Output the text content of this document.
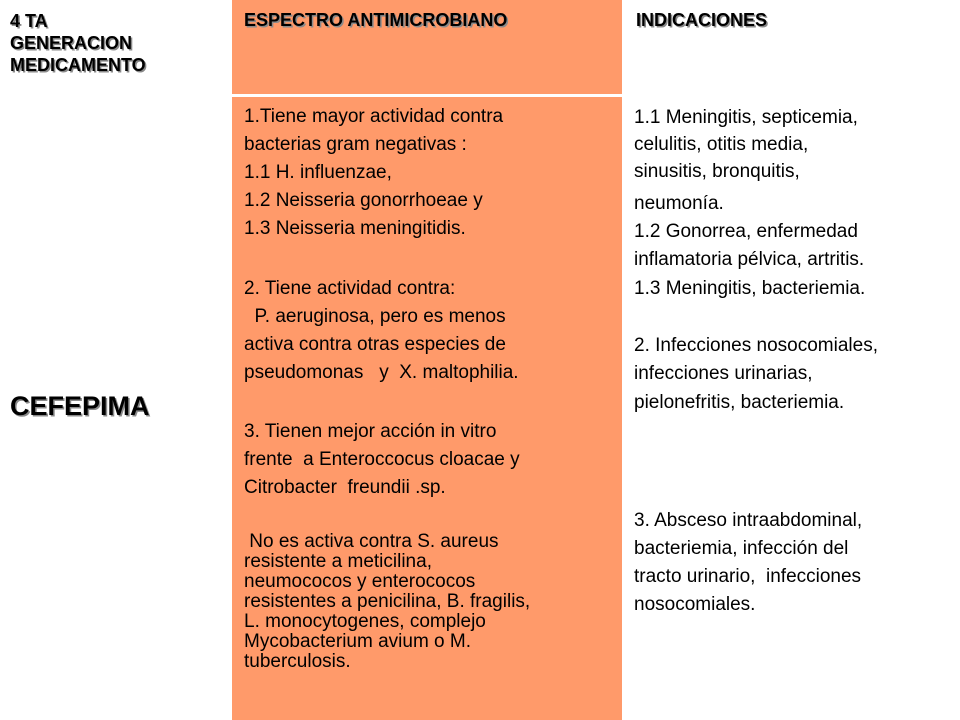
4 TA
GENERACION
MEDICAMENTO
CEFEPIMA
ESPECTRO ANTIMICROBIANO	INDICACIONES
1.Tiene mayor actividad contra
bacterias gram negativas :
1.1 H. influenzae,
1.2 Neisseria gonorrhoeae y
1.3 Neisseria meningitidis.
2. Tiene actividad contra:
P. aeruginosa, pero es menos
activa contra otras especies de
pseudomonas   y  X. maltophilia.
3. Tienen mejor acción in vitro
frente  a Enteroccocus cloacae y
Citrobacter  freundii .sp.
No es activa contra S. aureus
resistente a meticilina,
neumococos y enterococos
resistentes a penicilina, B. fragilis,
L. monocytogenes, complejo
Mycobacterium avium o M.
tuberculosis.
1.1 Meningitis, septicemia,
celulitis, otitis media,
sinusitis, bronquitis,
neumonía.
1.2 Gonorrea, enfermedad
inflamatoria pélvica, artritis.
1.3 Meningitis, bacteriemia.
2. Infecciones nosocomiales,
infecciones urinarias,
pielonefritis, bacteriemia.
3. Absceso intraabdominal,
bacteriemia, infección del
tracto urinario,  infecciones
nosocomiales.
